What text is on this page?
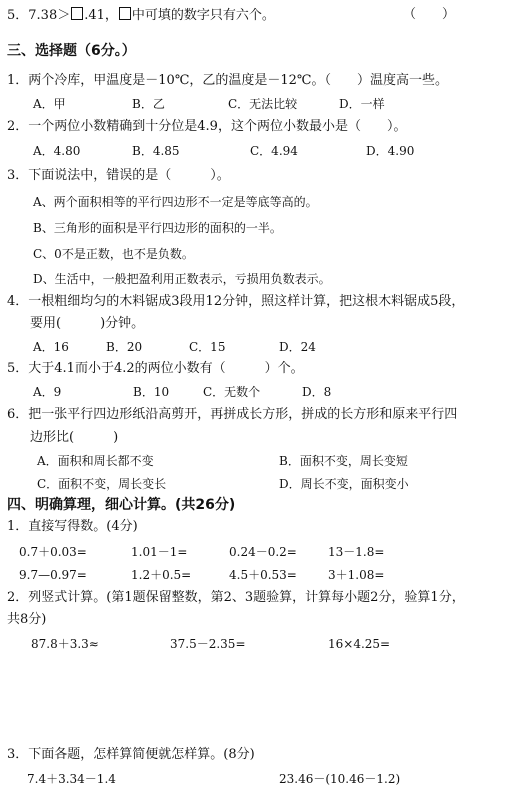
5．7.38＞ .41， 中可填的数字只有六个。	（　　）
三、选择题（6分。）
1．两个冷库，甲温度是－10℃，乙的温度是－12℃。（　　）温度高一些。
A．甲	B．乙	C．无法比较	D．一样
2．一个两位小数精确到十分位是4.9，这个两位小数最小是（　　）。
A．4.80	B．4.85	C．4.94	D．4.90
3．下面说法中，错误的是（　　　）。
A、两个面积相等的平行四边形不一定是等底等高的。
B、三角形的面积是平行四边形的面积的一半。
C、0不是正数，也不是负数。
D、生活中，一般把盈利用正数表示，亏损用负数表示。
4．一根粗细均匀的木料锯成3段用12分钟，照这样计算，把这根木料锯成5段，
要用(　　　)分钟。
A．16	B．20	C．15	D．24
5．大于4.1而小于4.2的两位小数有（　　　）个。
A．9	B．10	C．无数个	D．8
6．把一张平行四边形纸沿高剪开，再拼成长方形，拼成的长方形和原来平行四
边形比(　　　)
A．面积和周长都不变	B．面积不变，周长变短
C．面积不变，周长变长	D．周长不变，面积变小
四、明确算理，细心计算。(共26分)
1．直接写得数。(4分)
0.7＋0.03=	1.01－1=	0.24－0.2=	13－1.8=
9.7—0.97=	1.2＋0.5=	4.5＋0.53=	3＋1.08=
2．列竖式计算。(第1题保留整数，第2、3题验算，计算每小题2分，验算1分，
共8分)
87.8＋3.3≈	37.5－2.35=	16×4.25=
3．下面各题，怎样算简便就怎样算。(8分)
7.4＋3.34－1.4	23.46－(10.46－1.2)
